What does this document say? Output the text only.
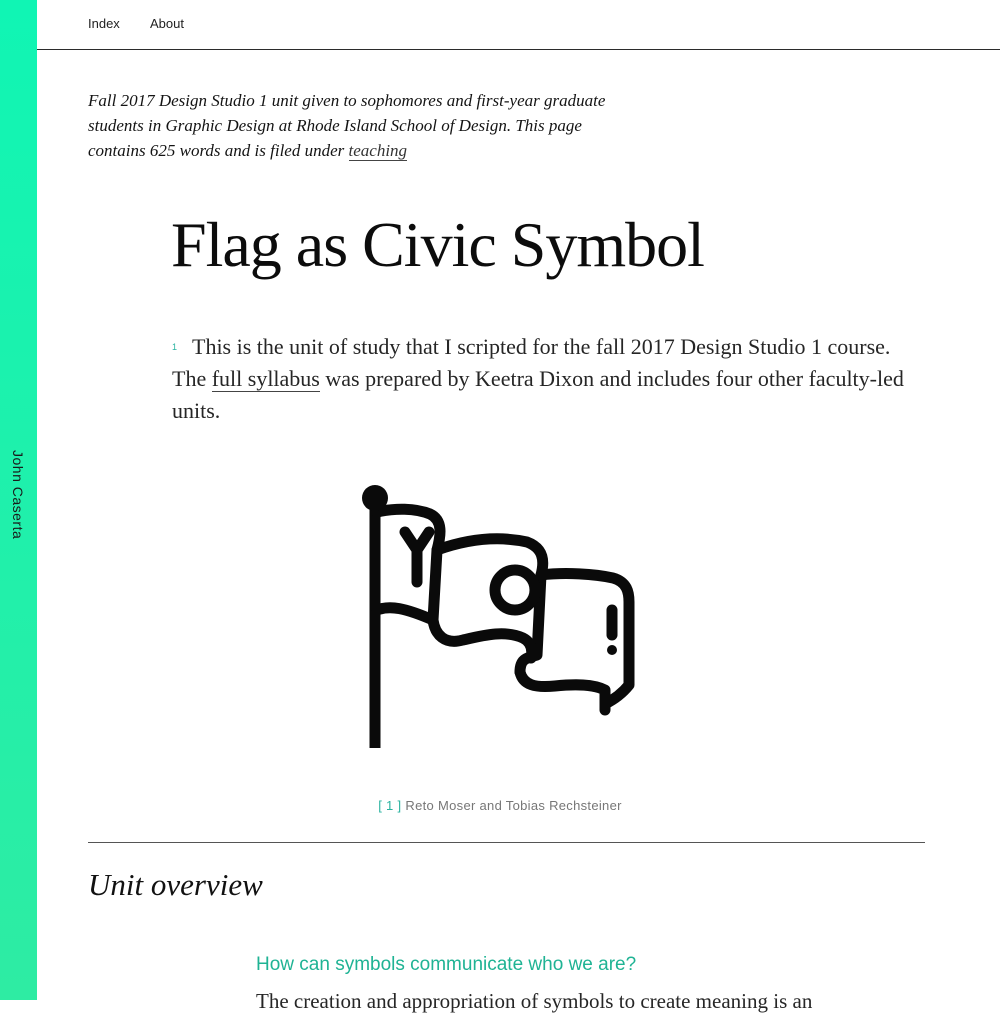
John Caserta
Index About
Fall 2017 Design Studio 1 unit given to sophomores and first-year graduate students in Graphic Design at Rhode Island School of Design. This page contains 625 words and is filed under teaching
Flag as Civic Symbol

1 This is the unit of study that I scripted for the fall 2017 Design Studio 1 course. The full syllabus was prepared by Keetra Dixon and includes four other faculty-led units.

[ 1 ] Reto Moser and Tobias Rechsteiner
Unit overview
How can symbols communicate who we are?
The creation and appropriation of symbols to create meaning is an
